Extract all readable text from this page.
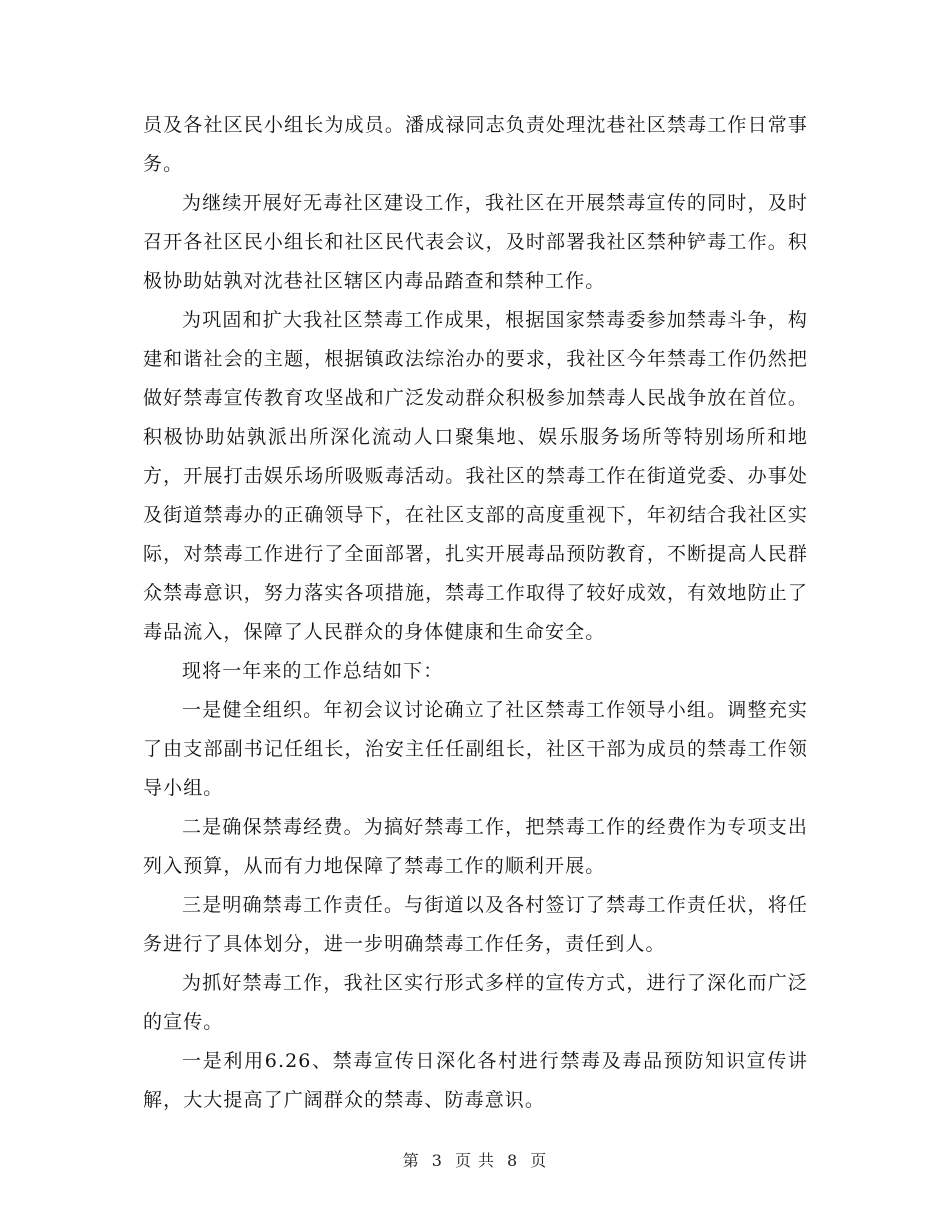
员及各社区民小组长为成员。潘成禄同志负责处理沈巷社区禁毒工作日常事务。

为继续开展好无毒社区建设工作，我社区在开展禁毒宣传的同时，及时召开各社区民小组长和社区民代表会议，及时部署我社区禁种铲毒工作。积极协助姑孰对沈巷社区辖区内毒品踏查和禁种工作。

为巩固和扩大我社区禁毒工作成果，根据国家禁毒委参加禁毒斗争，构建和谐社会的主题，根据镇政法综治办的要求，我社区今年禁毒工作仍然把做好禁毒宣传教育攻坚战和广泛发动群众积极参加禁毒人民战争放在首位。积极协助姑孰派出所深化流动人口聚集地、娱乐服务场所等特别场所和地方，开展打击娱乐场所吸贩毒活动。我社区的禁毒工作在街道党委、办事处及街道禁毒办的正确领导下，在社区支部的高度重视下，年初结合我社区实际，对禁毒工作进行了全面部署，扎实开展毒品预防教育，不断提高人民群众禁毒意识，努力落实各项措施，禁毒工作取得了较好成效，有效地防止了毒品流入，保障了人民群众的身体健康和生命安全。

现将一年来的工作总结如下：

一是健全组织。年初会议讨论确立了社区禁毒工作领导小组。调整充实了由支部副书记任组长，治安主任任副组长，社区干部为成员的禁毒工作领导小组。

二是确保禁毒经费。为搞好禁毒工作，把禁毒工作的经费作为专项支出列入预算，从而有力地保障了禁毒工作的顺利开展。

三是明确禁毒工作责任。与街道以及各村签订了禁毒工作责任状，将任务进行了具体划分，进一步明确禁毒工作任务，责任到人。

为抓好禁毒工作，我社区实行形式多样的宣传方式，进行了深化而广泛的宣传。

一是利用6.26、禁毒宣传日深化各村进行禁毒及毒品预防知识宣传讲解，大大提高了广阔群众的禁毒、防毒意识。

第 3 页 共 8 页
